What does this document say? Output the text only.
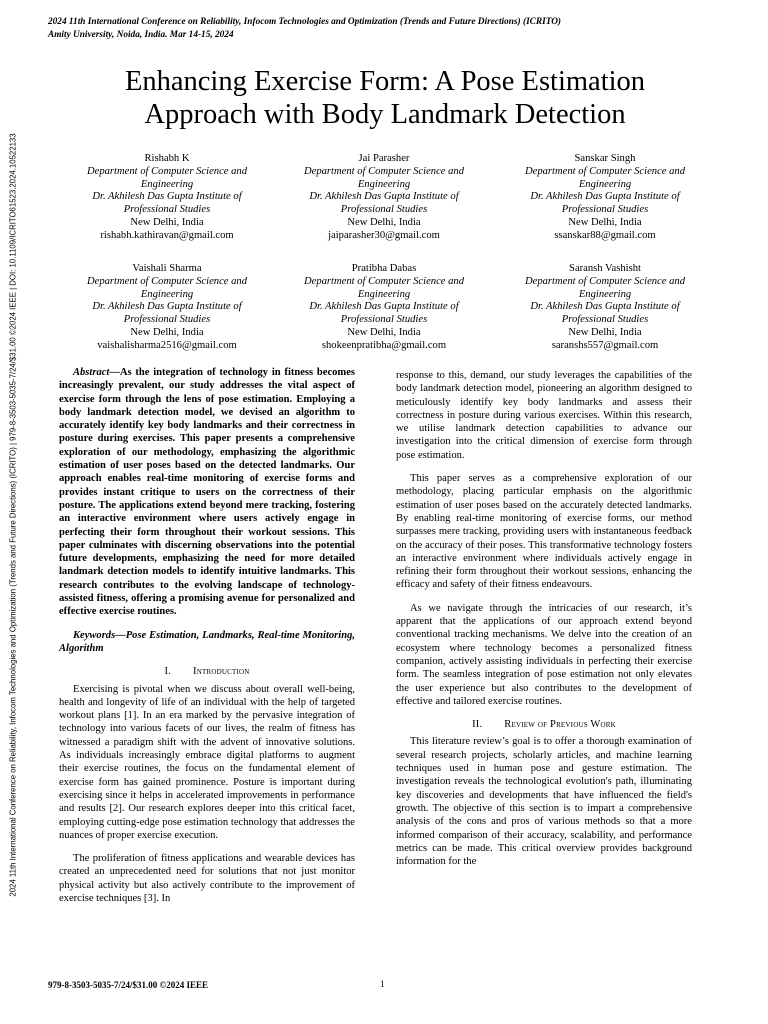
2024 11th International Conference on Reliability, Infocom Technologies and Optimization (Trends and Future Directions) (ICRITO)
Amity University, Noida, India. Mar 14-15, 2024
2024 11th International Conference on Reliability, Infocom Technologies and Optimization (Trends and Future Directions) (ICRITO) | 979-8-3503-5035-7/24/$31.00 ©2024 IEEE | DOI: 10.1109/ICRITO61523.2024.10522133
Enhancing Exercise Form: A Pose Estimation
Approach with Body Landmark Detection
Rishabh K
Department of Computer Science and
Engineering
Dr. Akhilesh Das Gupta Institute of
Professional Studies
New Delhi, India
rishabh.kathiravan@gmail.com
Jai Parasher
Department of Computer Science and
Engineering
Dr. Akhilesh Das Gupta Institute of
Professional Studies
New Delhi, India
jaiparasher30@gmail.com
Sanskar Singh
Department of Computer Science and
Engineering
Dr. Akhilesh Das Gupta Institute of
Professional Studies
New Delhi, India
ssanskar88@gmail.com
Vaishali Sharma
Department of Computer Science and
Engineering
Dr. Akhilesh Das Gupta Institute of
Professional Studies
New Delhi, India
vaishalisharma2516@gmail.com
Pratibha Dabas
Department of Computer Science and
Engineering
Dr. Akhilesh Das Gupta Institute of
Professional Studies
New Delhi, India
shokeenpratibha@gmail.com
Saransh Vashisht
Department of Computer Science and
Engineering
Dr. Akhilesh Das Gupta Institute of
Professional Studies
New Delhi, India
saranshs557@gmail.com

Abstract—As the integration of technology in fitness becomes increasingly prevalent, our study addresses the vital aspect of exercise form through the lens of pose estimation. Employing a body landmark detection model, we devised an algorithm to accurately identify key body landmarks and their correctness in posture during exercises. This paper presents a comprehensive exploration of our methodology, emphasizing the algorithmic estimation of user poses based on the detected landmarks. Our approach enables real-time monitoring of exercise forms and provides instant critique to users on the correctness of their posture. The applications extend beyond mere tracking, fostering an interactive environment where users actively engage in perfecting their form throughout their workout sessions. This paper culminates with discerning observations into the potential future developments, emphasizing the need for more detailed landmark detection models to identify intuitive landmarks. This research contributes to the evolving landscape of technology-assisted fitness, offering a promising avenue for personalized and effective exercise routines.

Keywords—Pose Estimation, Landmarks, Real-time Monitoring, Algorithm

I. Introduction

Exercising is pivotal when we discuss about overall well-being, health and longevity of life of an individual with the help of targeted workout plans [1]. In an era marked by the pervasive integration of technology into various facets of our lives, the realm of fitness has witnessed a paradigm shift with the advent of innovative solutions. As individuals increasingly embrace digital platforms to augment their exercise routines, the focus on the fundamental element of exercise form has gained prominence. Posture is important during exercising since it helps in accelerated improvements in performance and results [2]. Our research explores deeper into this critical facet, employing cutting-edge pose estimation technology that addresses the nuances of proper exercise execution.

The proliferation of fitness applications and wearable devices has created an unprecedented need for solutions that not just monitor physical activity but also actively contribute to the improvement of exercise techniques [3]. In

response to this, demand, our study leverages the capabilities of the body landmark detection model, pioneering an algorithm designed to meticulously identify key body landmarks and assess their correctness in posture during various exercises. Within this research, we utilise landmark detection capabilities to advance our investigation into the critical dimension of exercise form through pose estimation.

This paper serves as a comprehensive exploration of our methodology, placing particular emphasis on the algorithmic estimation of user poses based on the accurately detected landmarks. By enabling real-time monitoring of exercise forms, our method surpasses mere tracking, providing users with instantaneous feedback on the accuracy of their poses. This transformative technology fosters an interactive environment where individuals actively engage in refining their form throughout their workout sessions, enhancing the efficacy and safety of their fitness endeavours.

As we navigate through the intricacies of our research, it’s apparent that the applications of our approach extend beyond conventional tracking mechanisms. We delve into the creation of an ecosystem where technology becomes a personalized fitness companion, actively assisting individuals in perfecting their exercise form. The seamless integration of pose estimation not only elevates the user experience but also contributes to the development of effective and tailored exercise routines.

II. Review of Previous Work

This literature review’s goal is to offer a thorough examination of several research projects, scholarly articles, and machine learning techniques used in human pose and gesture estimation. The investigation reveals the technological evolution's path, illuminating key discoveries and developments that have influenced the field's growth. The objective of this section is to impart a comprehensive analysis of the cons and pros of various methods so that a more informed comparison of their accuracy, scalability, and performance metrics can be made. This critical overview provides background information for the

979-8-3503-5035-7/24/$31.00 ©2024 IEEE	1
